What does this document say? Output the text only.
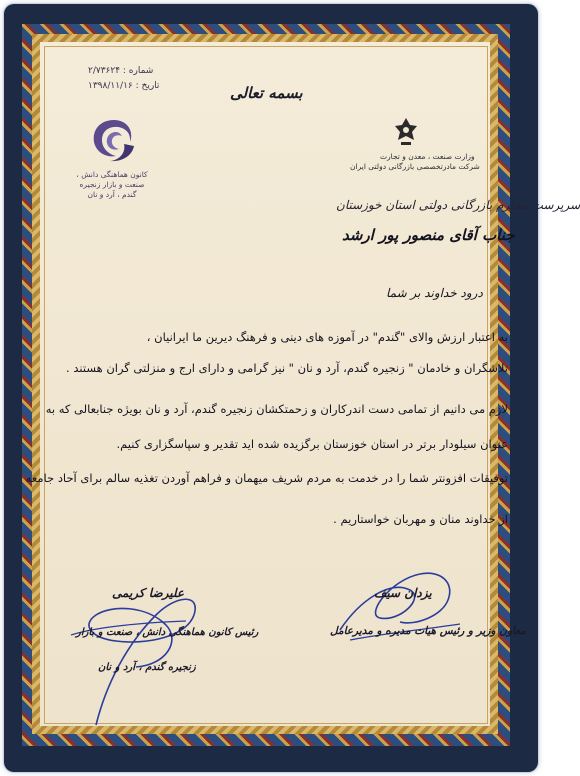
شماره : ۲/۷۳۶۲۴
تاریخ : ۱۳۹۸/۱۱/۱۶	بسمه تعالی
کانون هماهنگی دانش ، صنعت و بازار زنجیره گندم ، آرد و نان
وزارت صنعت ، معدن و تجارت
شرکت مادرتخصصی بازرگانی دولتی ایران
سرپرست محترم بازرگانی دولتی استان خوزستان
جناب آقای منصور پور ارشد
درود خداوند بر شما
به اعتبار ارزش والای "گندم" در آموزه های دینی و فرهنگ دیرین ما ایرانیان ،
تلاشگران و خادمان " زنجیره گندم، آرد و نان " نیز گرامی و دارای ارج و منزلتی گران هستند .
لازم می دانیم از تمامی دست اندرکاران و زحمتکشان زنجیره گندم، آرد و نان بویژه جنابعالی که به
عنوان سیلودار برتر در استان خوزستان برگزیده شده اید تقدیر و سپاسگزاری کنیم.
توفیقات افزونتر شما را در خدمت به مردم شریف میهمان و فراهم آوردن تغذیه سالم برای آحاد جامعه
از خداوند منان و مهربان خواستاریم .
یزدان سیف
معاون وزیر و رئیس هیات مدیره و مدیرعامل
علیرضا کریمی
رئیس کانون هماهنگی دانش ، صنعت و بازار
زنجیره گندم ، آرد و نان
